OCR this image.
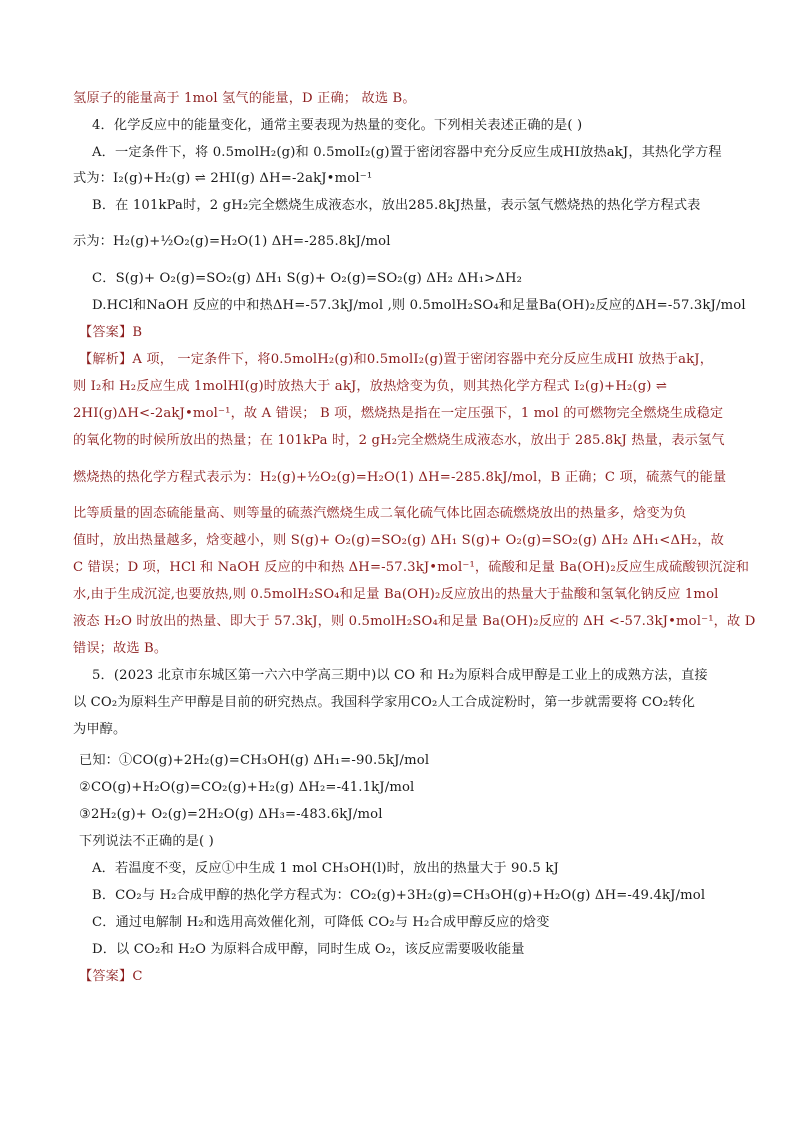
氢原子的能量高于 1mol 氢气的能量，D 正确； 故选 B。
4．化学反应中的能量变化，通常主要表现为热量的变化。下列相关表述正确的是( )
A．一定条件下，将 0.5molH₂(g)和 0.5molI₂(g)置于密闭容器中充分反应生成HI放热akJ，其热化学方程
式为：I₂(g)+H₂(g) ⇌ 2HI(g) ΔH=-2akJ•mol⁻¹
B．在 101kPa时，2 gH₂完全燃烧生成液态水，放出285.8kJ热量，表示氢气燃烧热的热化学方程式表
示为：H₂(g)+½O₂(g)=H₂O(1) ΔH=-285.8kJ/mol
C．S(g)+ O₂(g)=SO₂(g) ΔH₁ S(g)+ O₂(g)=SO₂(g) ΔH₂ ΔH₁>ΔH₂
D.HCl和NaOH 反应的中和热ΔH=-57.3kJ/mol ,则 0.5molH₂SO₄和足量Ba(OH)₂反应的ΔH=-57.3kJ/mol
【答案】B
【解析】A 项， 一定条件下，将0.5molH₂(g)和0.5molI₂(g)置于密闭容器中充分反应生成HI 放热于akJ，
则 I₂和 H₂反应生成 1molHI(g)时放热大于 akJ，放热焓变为负，则其热化学方程式 I₂(g)+H₂(g) ⇌
2HI(g)ΔH<-2akJ•mol⁻¹，故 A 错误； B 项，燃烧热是指在一定压强下，1 mol 的可燃物完全燃烧生成稳定
的氧化物的时候所放出的热量；在 101kPa 时，2 gH₂完全燃烧生成液态水，放出于 285.8kJ 热量，表示氢气
燃烧热的热化学方程式表示为：H₂(g)+½O₂(g)=H₂O(1) ΔH=-285.8kJ/mol，B 正确；C 项，硫蒸气的能量
比等质量的固态硫能量高、则等量的硫蒸汽燃烧生成二氧化硫气体比固态硫燃烧放出的热量多，焓变为负
值时，放出热量越多，焓变越小，则 S(g)+ O₂(g)=SO₂(g) ΔH₁ S(g)+ O₂(g)=SO₂(g) ΔH₂ ΔH₁<ΔH₂，故
C 错误；D 项，HCl 和 NaOH 反应的中和热 ΔH=-57.3kJ•mol⁻¹，硫酸和足量 Ba(OH)₂反应生成硫酸钡沉淀和
水,由于生成沉淀,也要放热,则 0.5molH₂SO₄和足量 Ba(OH)₂反应放出的热量大于盐酸和氢氧化钠反应 1mol
液态 H₂O 时放出的热量、即大于 57.3kJ，则 0.5molH₂SO₄和足量 Ba(OH)₂反应的 ΔH <-57.3kJ•mol⁻¹，故 D
错误；故选 B。
5．(2023 北京市东城区第一六六中学高三期中)以 CO 和 H₂为原料合成甲醇是工业上的成熟方法，直接
以 CO₂为原料生产甲醇是目前的研究热点。我国科学家用CO₂人工合成淀粉时，第一步就需要将 CO₂转化
为甲醇。
已知：①CO(g)+2H₂(g)=CH₃OH(g) ΔH₁=-90.5kJ/mol
②CO(g)+H₂O(g)=CO₂(g)+H₂(g) ΔH₂=-41.1kJ/mol
③2H₂(g)+ O₂(g)=2H₂O(g) ΔH₃=-483.6kJ/mol
下列说法不正确的是( )
A．若温度不变，反应①中生成 1 mol CH₃OH(l)时，放出的热量大于 90.5 kJ
B．CO₂与 H₂合成甲醇的热化学方程式为：CO₂(g)+3H₂(g)=CH₃OH(g)+H₂O(g) ΔH=-49.4kJ/mol
C．通过电解制 H₂和选用高效催化剂，可降低 CO₂与 H₂合成甲醇反应的焓变
D．以 CO₂和 H₂O 为原料合成甲醇，同时生成 O₂，该反应需要吸收能量
【答案】C
